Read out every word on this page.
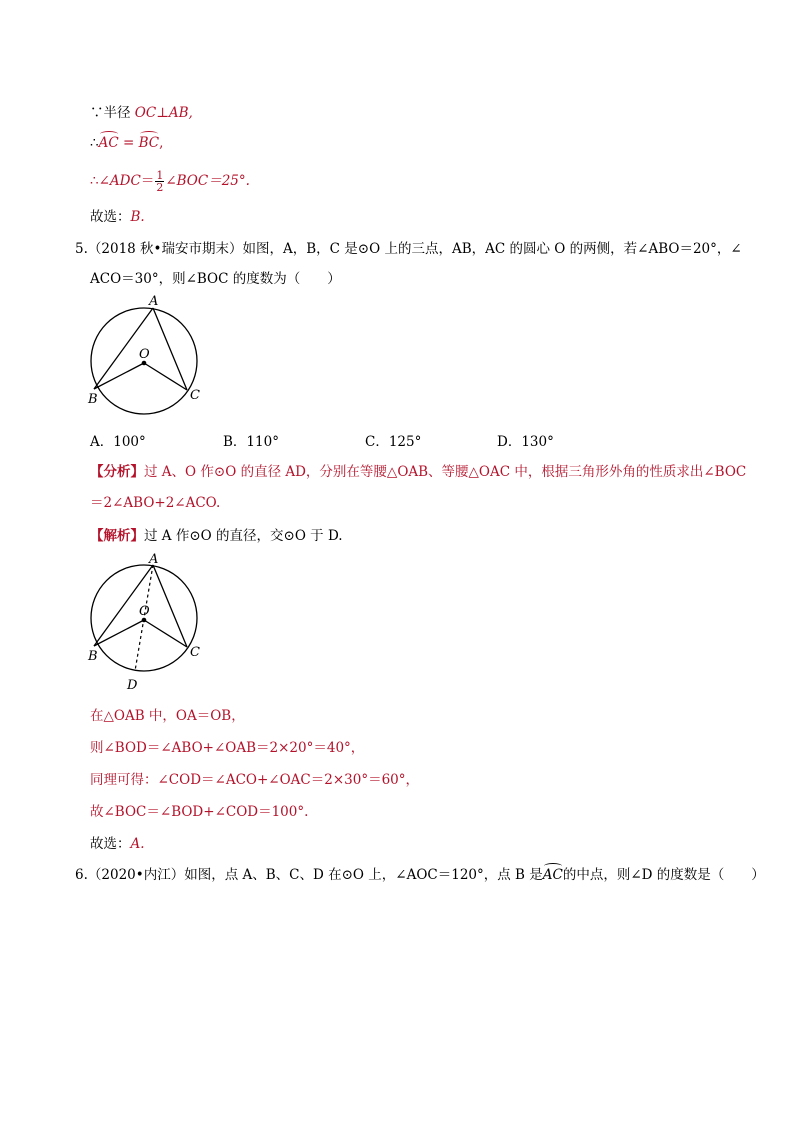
∵半径 OC⊥AB,
∴AC = BC,
∴∠ADC＝ $\frac{1}{2}$ ∠BOC＝25°.
故选：B.
5.（2018 秋•瑞安市期末）如图，A，B，C 是⊙O 上的三点，AB，AC 的圆心 O 的两侧，若∠ABO＝20°，∠
ACO＝30°，则∠BOC 的度数为（　　）
A
O
B	C
A．100°	B．110°	C．125°	D．130°
【分析】过 A、O 作⊙O 的直径 AD，分别在等腰△OAB、等腰△OAC 中，根据三角形外角的性质求出∠BOC
＝2∠ABO+2∠ACO.
【解析】过 A 作⊙O 的直径，交⊙O 于 D.
A
O
B	C
D
在△OAB 中，OA＝OB，
则∠BOD＝∠ABO+∠OAB＝2×20°＝40°，
同理可得：∠COD＝∠ACO+∠OAC＝2×30°＝60°，
故∠BOC＝∠BOD+∠COD＝100°.
故选：A.
6.（2020•内江）如图，点 A、B、C、D 在⊙O 上，∠AOC＝120°，点 B 是AC的中点，则∠D 的度数是（　　）
